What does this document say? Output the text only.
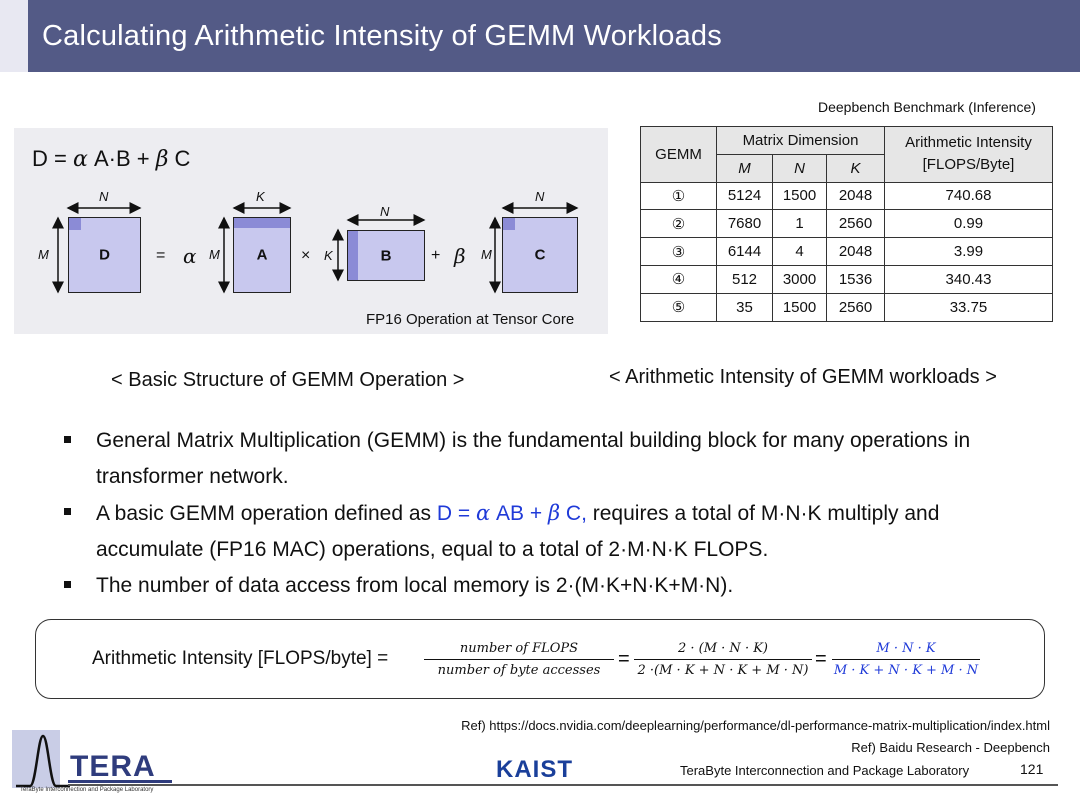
Calculating Arithmetic Intensity of GEMM Workloads
D = α A·B + β C
N
M	D	= α
K
M	A	×
N
K	B	+ β
N
M	C
FP16 Operation at Tensor Core
Deepbench Benchmark (Inference)
GEMM	Matrix Dimension			Arithmetic Intensity
[FLOPS/Byte]
	M	N	K	
①	5124	1500	2048	740.68
②	7680	1	2560	0.99
③	6144	4	2048	3.99
④	512	3000	1536	340.43
⑤	35	1500	2560	33.75
< Basic Structure of GEMM Operation >	< Arithmetic Intensity of GEMM workloads >
General Matrix Multiplication (GEMM) is the fundamental building block for many operations in transformer network.
A basic GEMM operation defined as D = α AB + β C, requires a total of M·N·K multiply and accumulate (FP16 MAC) operations, equal to a total of 2·M·N·K FLOPS.
The number of data access from local memory is 2·(M·K+N·K+M·N).
Arithmetic Intensity [FLOPS/byte] =	number of FLOPS
number of byte accesses
= $\frac{2 \cdot (M \cdot N \cdot K)}{2 \cdot(M \cdot K + N \cdot K + M \cdot N)} = \frac{M \cdot N \cdot K}{M \cdot K + N \cdot K + M \cdot N}$
Ref) https://docs.nvidia.com/deeplearning/performance/dl-performance-matrix-multiplication/index.html
Ref) Baidu Research - Deepbench
TERA
TeraByte Interconnection and Package Laboratory
KAIST	TeraByte Interconnection and Package Laboratory	121
